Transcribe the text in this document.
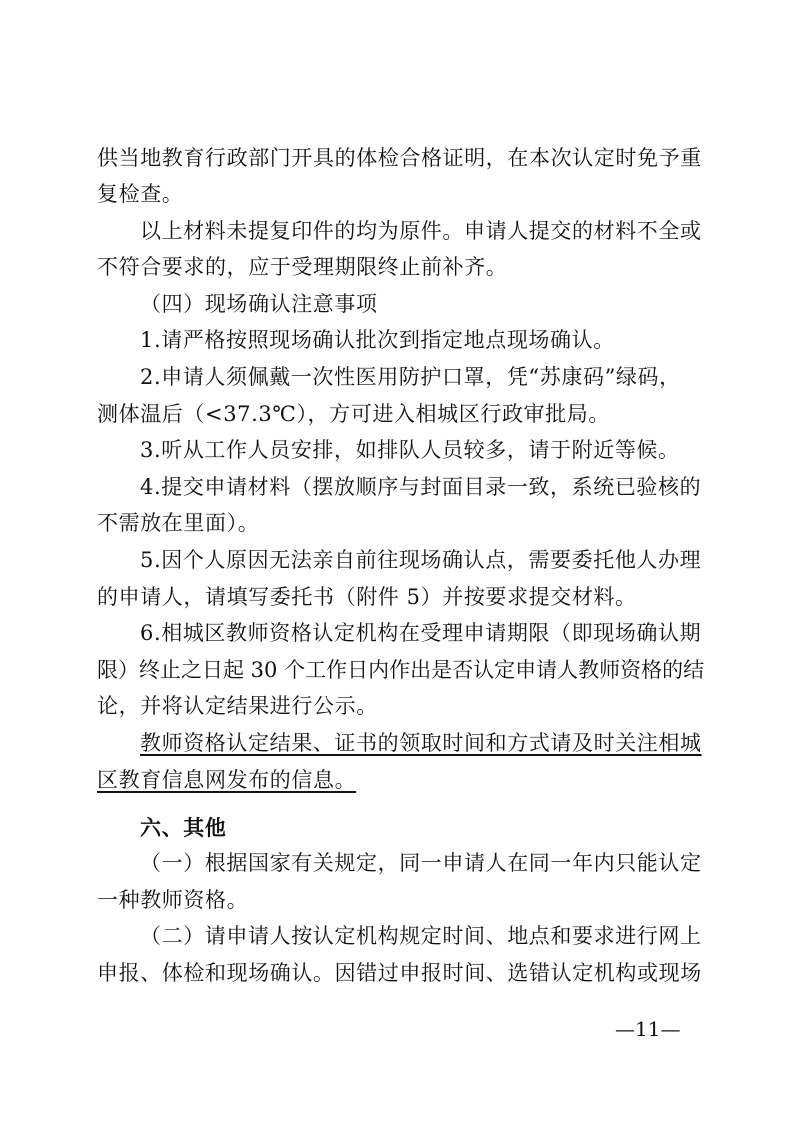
供当地教育行政部门开具的体检合格证明，在本次认定时免予重
复检查。
以上材料未提复印件的均为原件。申请人提交的材料不全或
不符合要求的，应于受理期限终止前补齐。
（四）现场确认注意事项
1.请严格按照现场确认批次到指定地点现场确认。
2.申请人须佩戴一次性医用防护口罩，凭“苏康码”绿码，
测体温后（<37.3℃），方可进入相城区行政审批局。
3.听从工作人员安排，如排队人员较多，请于附近等候。
4.提交申请材料（摆放顺序与封面目录一致，系统已验核的
不需放在里面）。
5.因个人原因无法亲自前往现场确认点，需要委托他人办理
的申请人，请填写委托书（附件 5）并按要求提交材料。
6.相城区教师资格认定机构在受理申请期限（即现场确认期
限）终止之日起 30 个工作日内作出是否认定申请人教师资格的结
论，并将认定结果进行公示。
教师资格认定结果、证书的领取时间和方式请及时关注相城
区教育信息网发布的信息。
六、其他
（一）根据国家有关规定，同一申请人在同一年内只能认定
一种教师资格。
（二）请申请人按认定机构规定时间、地点和要求进行网上
申报、体检和现场确认。因错过申报时间、选错认定机构或现场
—11—
